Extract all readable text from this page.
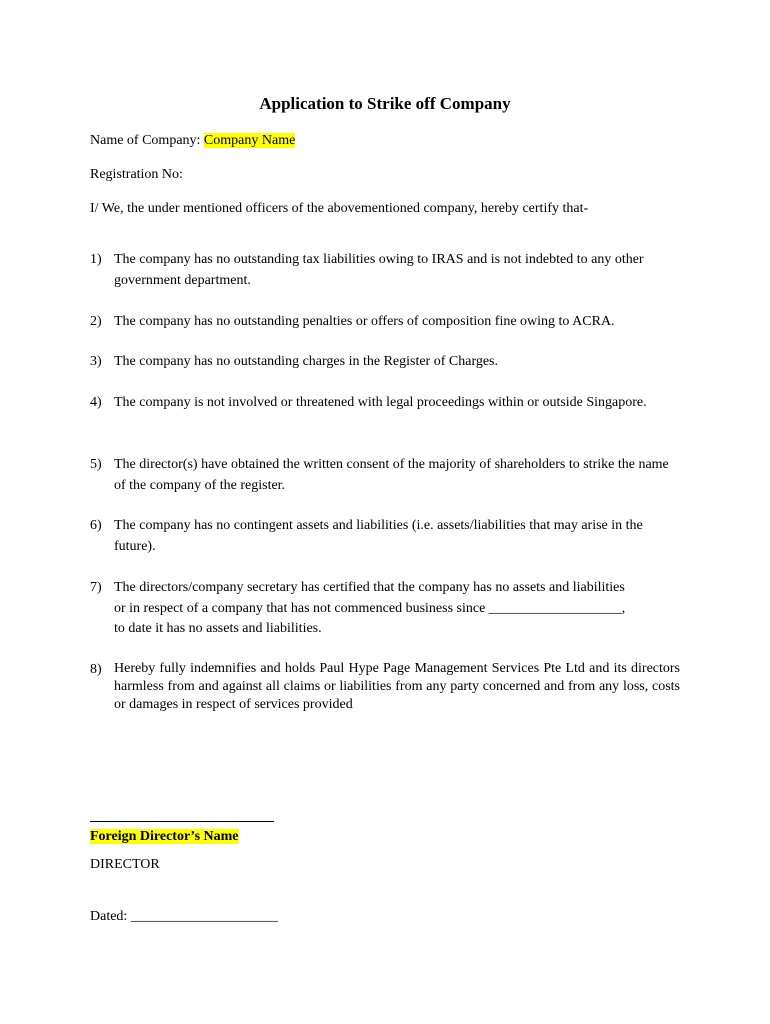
Application to Strike off Company
Name of Company: Company Name
Registration No:
I/ We, the under mentioned officers of the abovementioned company, hereby certify that-
1) The company has no outstanding tax liabilities owing to IRAS and is not indebted to any other government department.
2) The company has no outstanding penalties or offers of composition fine owing to ACRA.
3) The company has no outstanding charges in the Register of Charges.
4) The company is not involved or threatened with legal proceedings within or outside Singapore.
5) The director(s) have obtained the written consent of the majority of shareholders to strike the name of the company of the register.
6) The company has no contingent assets and liabilities (i.e. assets/liabilities that may arise in the future).
7) The directors/company secretary has certified that the company has no assets and liabilities
or in respect of a company that has not commenced business since ___________________,
to date it has no assets and liabilities.
8) Hereby fully indemnifies and holds Paul Hype Page Management Services Pte Ltd and its directors harmless from and against all claims or liabilities from any party concerned and from any loss, costs or damages in respect of services provided
Foreign Director’s Name
DIRECTOR
Dated: _____________________
